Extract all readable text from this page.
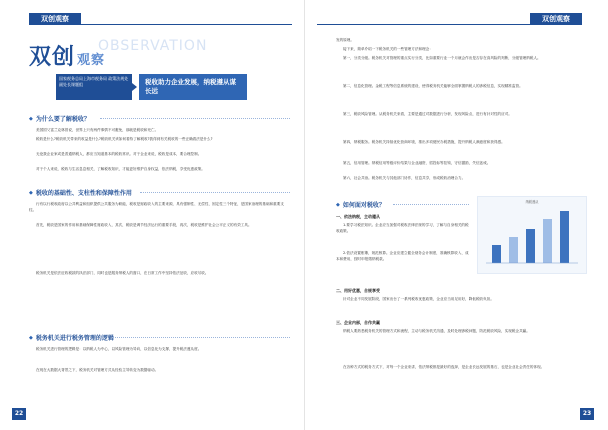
双创观察
OBSERVATION
双创 观察
国家税务总局上海市税务局 政策法规处副处长课题组	税收助力企业发展，纳税遵从谋长远
◆ 为什么要了解税收？
美国国父富兰克林曾说，世界上只有两件事情不可避免，那就是税收和死亡。
税收是什么?税收机关带来的收益是什么?税收机关该如何看待了解税收?我得到有关税收的一些正确看法是什么?
无论我企业家或是普通纳税人，都应当知道基本的税收常识。对于企业来说，税收是成本，要合理控制。
对于个人来说，税收与生活息息相关，了解税收知识，才能更好维护自身权益，依法纳税，享受优惠政策。
◆ 税收的基础性、支柱性和保障性作用
行有以行税收政府以公共利益和组织提供公共服务为职能，税收是财政收入的主要来源，具有强制性、无偿性、固定性三个特征，是国家治理的基础和重要支柱。
首先，税收是国家的作用和基础保障性财政收入，其次，税收是调节经济运行的重要手段，再次，税收是维护社会公平正义的有效工具。
税务机关是依法征收税款的执法部门，同时也是服务纳税人的窗口，在日常工作中坚持依法征收，应收尽收。
◆ 税务机关进行税务管理的逻辑
税务机关进行管理的逻辑是：以纳税人为中心，以风险管理为导向，以信息化为支撑，提升税法遵从度。
在现在大数据大背景之下，税务机关对管理方式从经验主导转变为数据驱动。
22
双创观察
发的原理。
接下来，简单介绍一下税务机关的一些管理方法和理念：
第一，分类分级。税务机关对管理的重点实行分类，比如重要行业一个月就会作出是否存在高风险的判断，分级管理纳税人。
第二，信息化管理。金税工程等信息系统的建设，使得税务机关能够全面掌握纳税人的涉税信息，实现精准监管。
第三，税收风险管理。从税务机关来看，主要是通过对数据进行分析，发现风险点，进行有针对性的应对。
第四，纳税服务。税务机关持续优化营商环境，推出多项便民办税措施，提升纳税人满意度和获得感。
第五，信用管理。纳税信用等级评价结果与企业融资、招投标等挂钩，守信激励，失信惩戒。
第六，社会共治。税务机关与其他部门协作，信息共享，形成税收治理合力。
◆ 如何面对税收？	纳税遵从
一、依法纳税，主动遵从
1.要学习税法知识。企业应当加强对税收法律法规的学习，了解与自身相关的税收政策。
2.依法设置账簿，规范核算。企业应建立健全财务会计制度，准确核算收入、成本和费用，按时申报缴纳税款。
二、用好优惠，合规享受
针对企业不同发展阶段，国家出台了一系列税收优惠政策，企业应当用足用好，降低税收负担。
三、企业内部，合作共赢
纳税人要熟悉税务机关的管理方式和流程，主动与税务机关沟通，及时处理涉税问题，防范税收风险，实现税企共赢。
在各种方式的税务方式下，对每一个企业来讲，依法纳税都是最好的选择，是企业长远发展的基石，也是企业社会责任的体现。
23
